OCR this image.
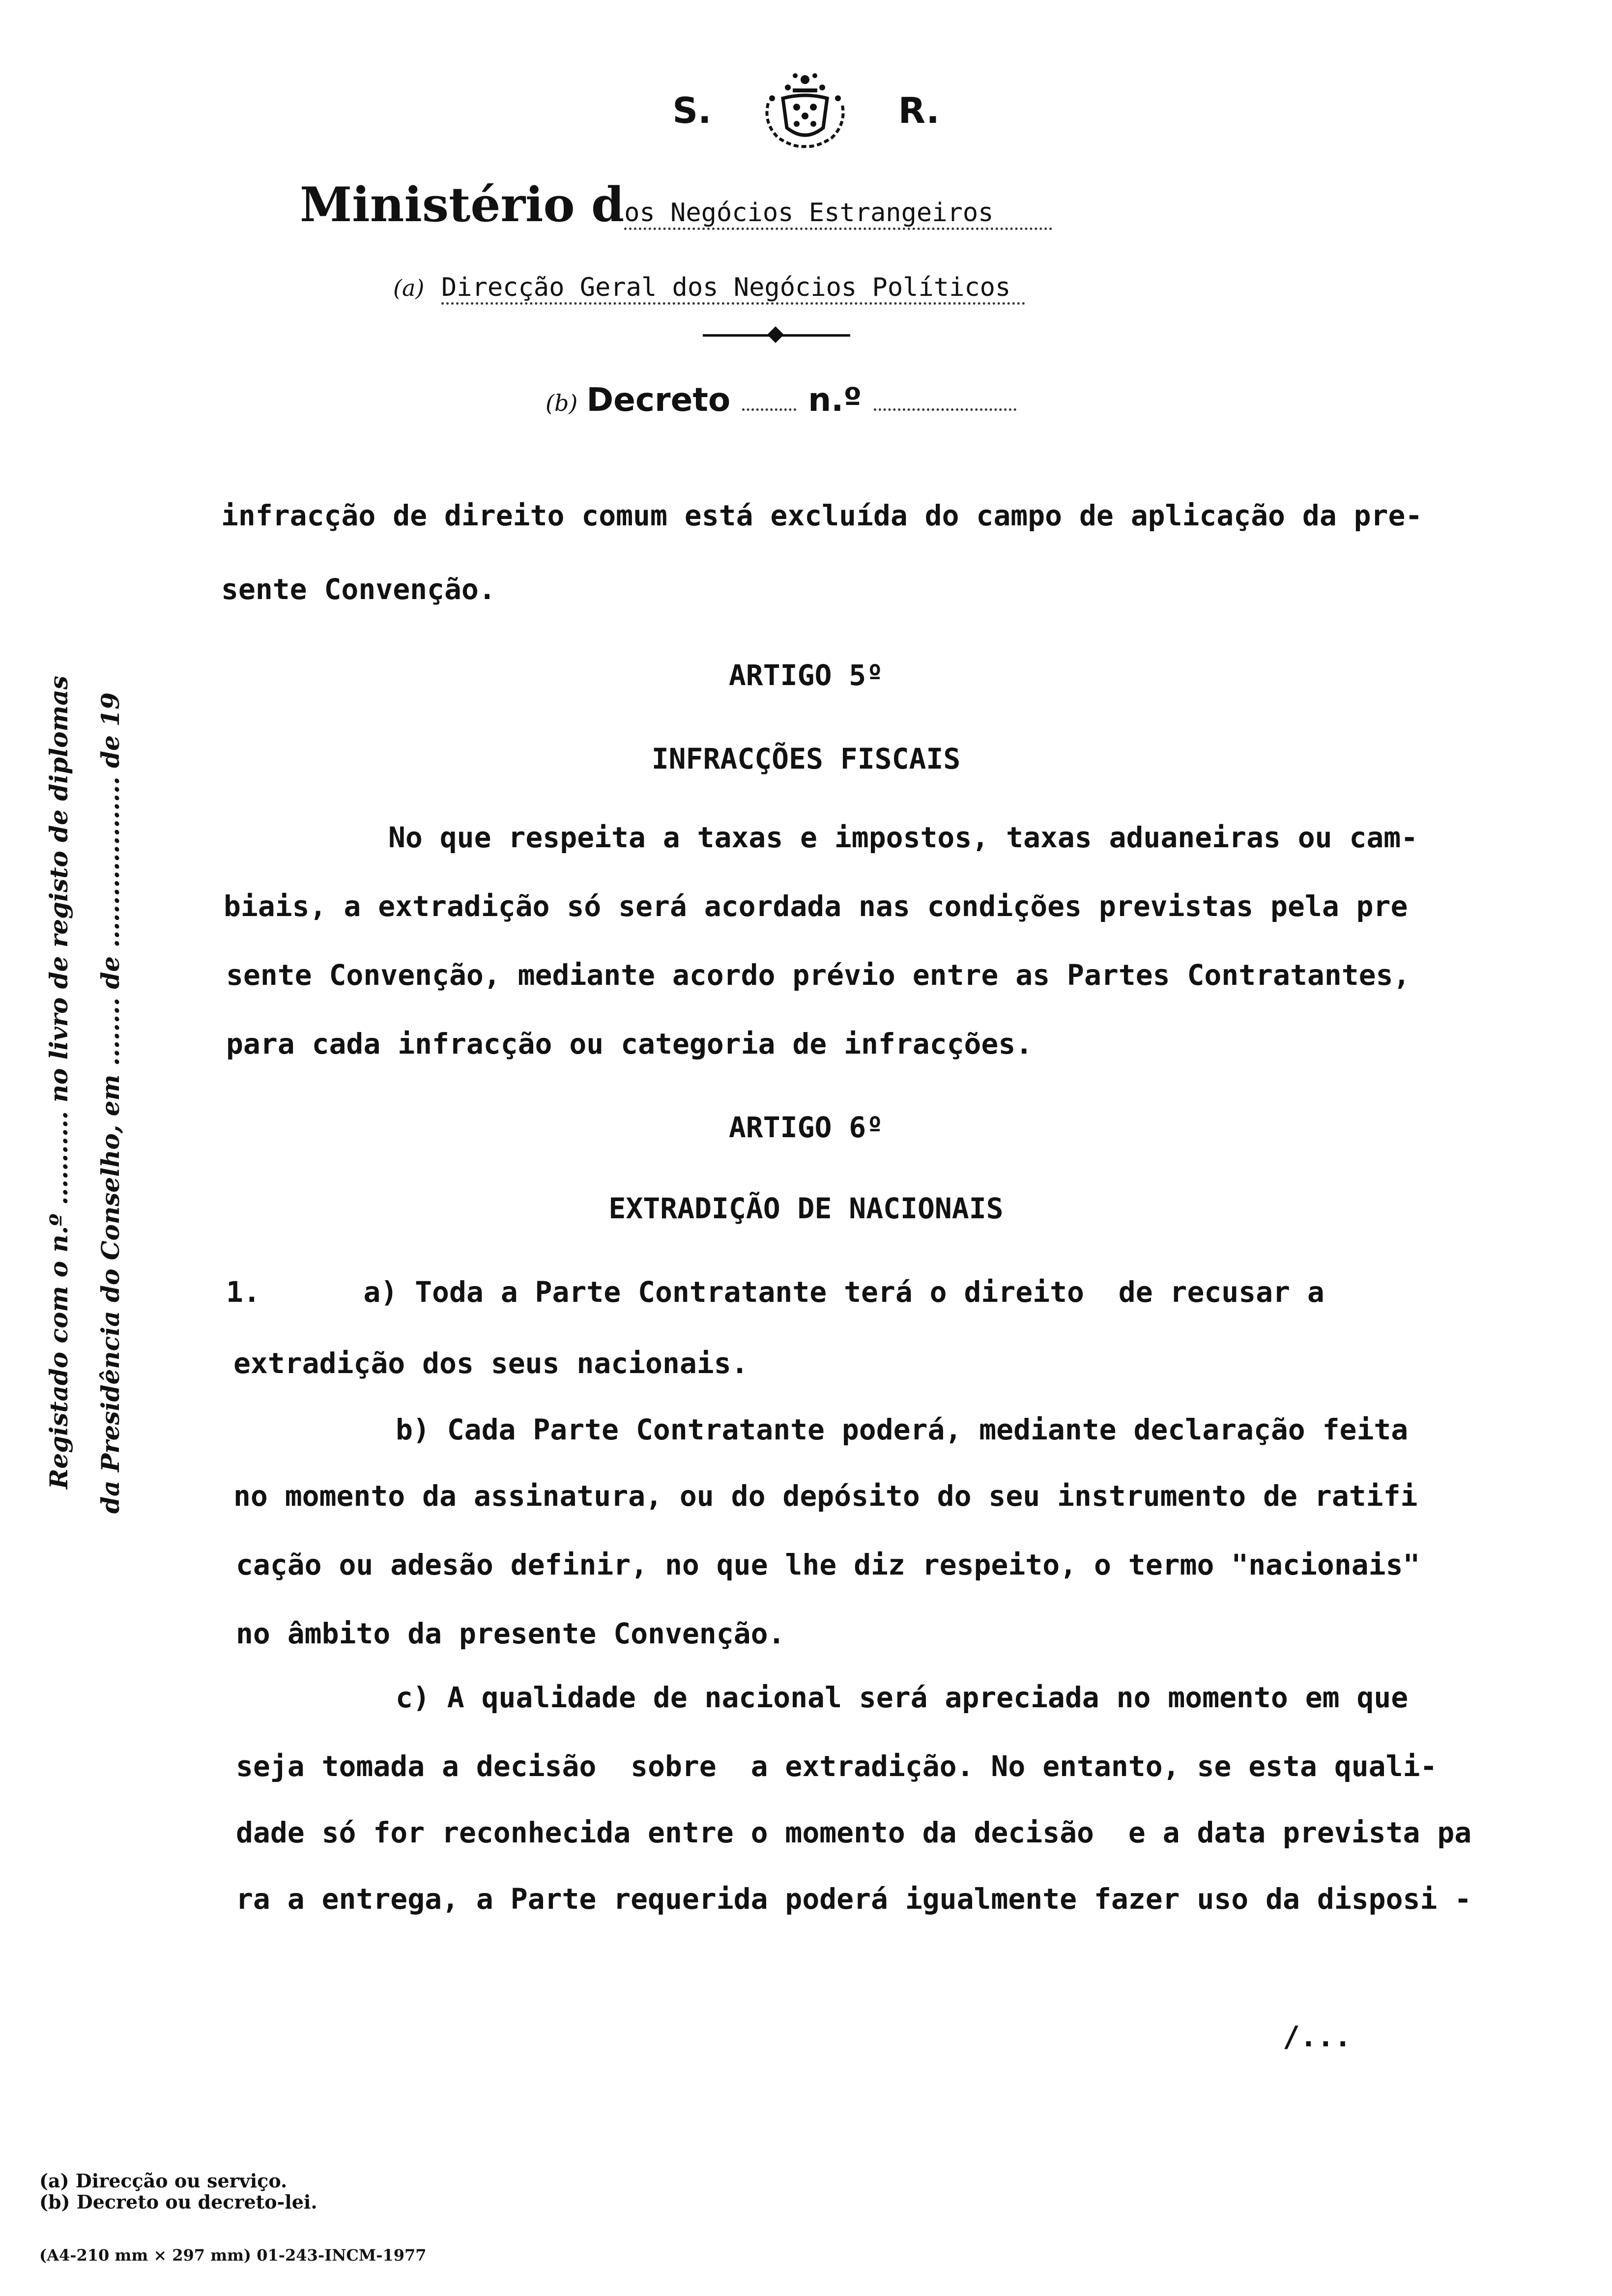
S.	R.
Ministério dos Negócios Estrangeiros
(a) Direcção Geral dos Negócios Políticos
(b) Decreto n.º
Registado com o n.º ........... no livro de registo de diplomas da Presidência do Conselho, em ........ de .................... de 19
infracção de direito comum está excluída do campo de aplicação da pre-
sente Convenção.
ARTIGO 5º
INFRACÇÕES FISCAIS
No que respeita a taxas e impostos, taxas aduaneiras ou cam-
biais, a extradição só será acordada nas condições previstas pela pre
sente Convenção, mediante acordo prévio entre as Partes Contratantes,
para cada infracção ou categoria de infracções.
ARTIGO 6º
EXTRADIÇÃO DE NACIONAIS
1.      a) Toda a Parte Contratante terá o direito  de recusar a
extradição dos seus nacionais.
b) Cada Parte Contratante poderá, mediante declaração feita
no momento da assinatura, ou do depósito do seu instrumento de ratifi
cação ou adesão definir, no que lhe diz respeito, o termo "nacionais"
no âmbito da presente Convenção.
c) A qualidade de nacional será apreciada no momento em que
seja tomada a decisão  sobre  a extradição. No entanto, se esta quali-
dade só for reconhecida entre o momento da decisão  e a data prevista pa
ra a entrega, a Parte requerida poderá igualmente fazer uso da disposi -
/...
(a) Direcção ou serviço.
(b) Decreto ou decreto-lei.
(A4-210 mm × 297 mm) 01-243-INCM-1977
